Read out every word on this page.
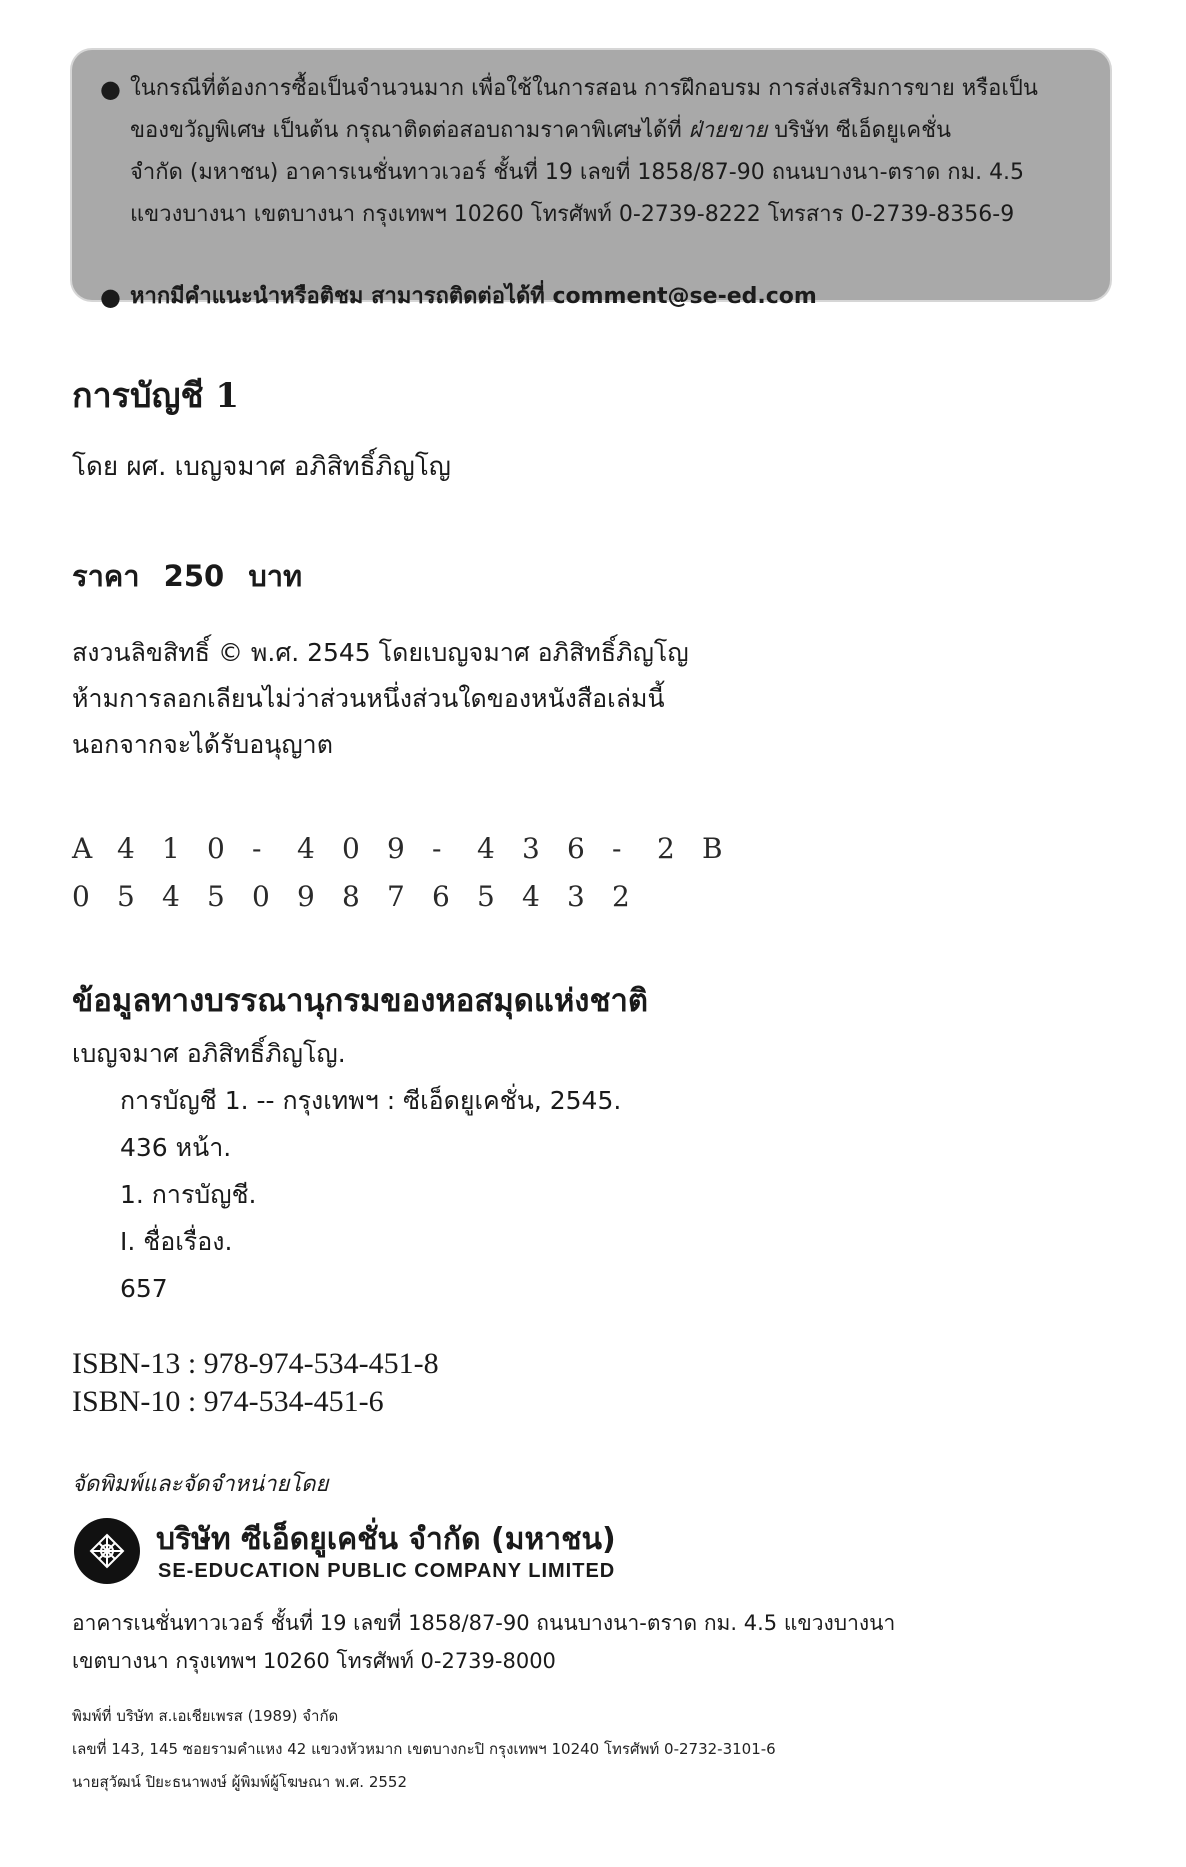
● ในกรณีที่ต้องการซื้อเป็นจำนวนมาก เพื่อใช้ในการสอน การฝึกอบรม การส่งเสริมการขาย หรือเป็น
ของขวัญพิเศษ เป็นต้น กรุณาติดต่อสอบถามราคาพิเศษได้ที่ ฝ่ายขาย บริษัท ซีเอ็ดยูเคชั่น
จำกัด (มหาชน) อาคารเนชั่นทาวเวอร์ ชั้นที่ 19 เลขที่ 1858/87-90 ถนนบางนา-ตราด กม. 4.5
แขวงบางนา เขตบางนา กรุงเทพฯ 10260 โทรศัพท์ 0-2739-8222 โทรสาร 0-2739-8356-9
● หากมีคำแนะนำหรือติชม สามารถติดต่อได้ที่ comment@se-ed.com
การบัญชี 1
โดย ผศ. เบญจมาศ อภิสิทธิ์ภิญโญ
ราคา 250 บาท
สงวนลิขสิทธิ์ © พ.ศ. 2545 โดยเบญจมาศ อภิสิทธิ์ภิญโญ
ห้ามการลอกเลียนไม่ว่าส่วนหนึ่งส่วนใดของหนังสือเล่มนี้
นอกจากจะได้รับอนุญาต
A 4 1 0 - 4 0 9 - 4 3 6 - 2 B
0 5 4 5 0 9 8 7 6 5 4 3 2
ข้อมูลทางบรรณานุกรมของหอสมุดแห่งชาติ
เบญจมาศ อภิสิทธิ์ภิญโญ.
การบัญชี 1. -- กรุงเทพฯ : ซีเอ็ดยูเคชั่น, 2545.
436 หน้า.
1. การบัญชี.
I. ชื่อเรื่อง.
657
ISBN-13 : 978-974-534-451-8
ISBN-10 : 974-534-451-6
จัดพิมพ์และจัดจำหน่ายโดย
บริษัท ซีเอ็ดยูเคชั่น จำกัด (มหาชน)
SE-EDUCATION PUBLIC COMPANY LIMITED
อาคารเนชั่นทาวเวอร์ ชั้นที่ 19 เลขที่ 1858/87-90 ถนนบางนา-ตราด กม. 4.5 แขวงบางนา
เขตบางนา กรุงเทพฯ 10260 โทรศัพท์ 0-2739-8000
พิมพ์ที่ บริษัท ส.เอเชียเพรส (1989) จำกัด
เลขที่ 143, 145 ซอยรามคำแหง 42 แขวงหัวหมาก เขตบางกะปิ กรุงเทพฯ 10240 โทรศัพท์ 0-2732-3101-6
นายสุวัฒน์ ปิยะธนาพงษ์ ผู้พิมพ์ผู้โฆษณา พ.ศ. 2552
